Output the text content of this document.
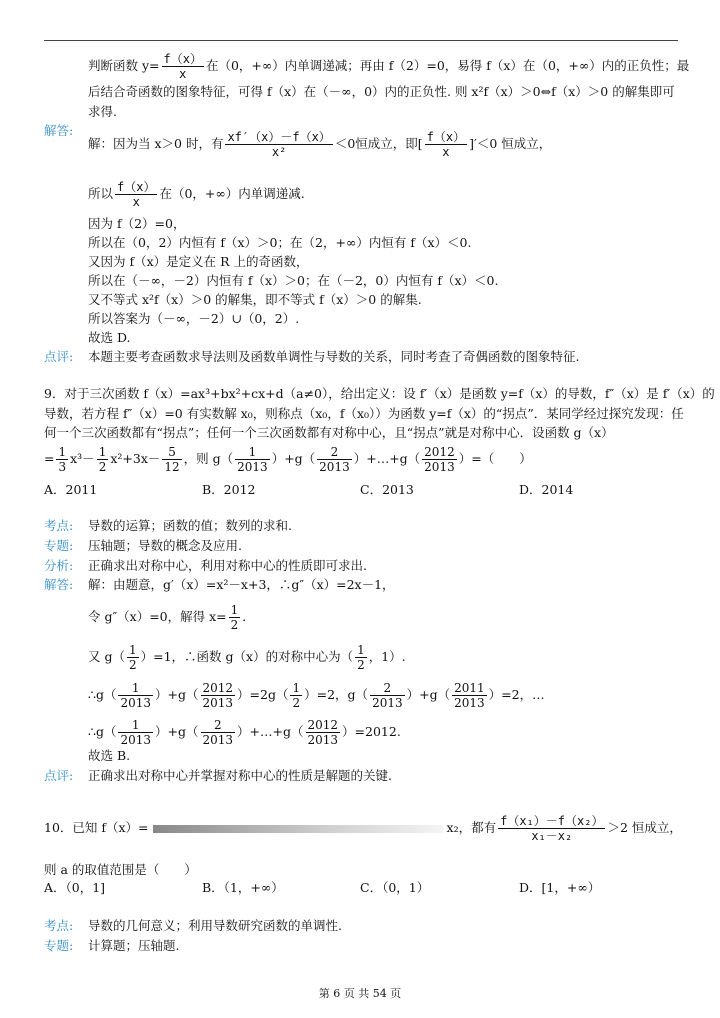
判断函数 $y= \frac{f(x)}{x}$ 在（0，+∞）内单调递减；再由 f（2）=0，易得 f（x）在（0，+∞）内的正负性；最
后结合奇函数的图象特征，可得 f（x）在（－∞，0）内的正负性. 则 x²f（x）＞0⇔f（x）＞0 的解集即可
求得.
解答:
解：因为当 x＞0 时，有 $\frac{xf'(x)-f(x)}{\text{x²}} <0$恒成立，即[ $\frac{f(x)}{x} ]'<0$ 恒成立，
所以 $\frac{f(x)}{x}$ 在（0，+∞）内单调递减.
因为 f（2）=0，
所以在（0，2）内恒有 f（x）＞0；在（2，+∞）内恒有 f（x）＜0.
又因为 f（x）是定义在 R 上的奇函数，
所以在（－∞，－2）内恒有 f（x）＞0；在（－2，0）内恒有 f（x）＜0.
又不等式 x²f（x）＞0 的解集，即不等式 f（x）＞0 的解集.
所以答案为（－∞，－2）∪（0，2）.
故选 D.
点评: 本题主要考查函数求导法则及函数单调性与导数的关系，同时考查了奇偶函数的图象特征.
9．对于三次函数 f（x）=ax³+bx²+cx+d（a≠0），给出定义：设 f′（x）是函数 y=f（x）的导数，f″（x）是 f′（x）的
导数，若方程 f″（x）=0 有实数解 x₀，则称点（x₀，f（x₀））为函数 y=f（x）的“拐点”．某同学经过探究发现：任
何一个三次函数都有“拐点”；任何一个三次函数都有对称中心，且“拐点”就是对称中心．设函数 g（x）
= $\frac{1}{3} x^3- \frac{1}{2} x^2+3x- \frac{5}{12}$ ，则 $g( \frac{1}{2013} )+g( \frac{2}{2013}$ ）+…+g（ $\frac{2012}{2013}$ ）=（　　）
A．2011	B．2012	C．2013	D．2014
考点: 导数的运算；函数的值；数列的求和.
专题: 压轴题；导数的概念及应用.
分析: 正确求出对称中心，利用对称中心的性质即可求出.
解答: 解：由题意，g′（x）=x²－x+3，∴g″（x）=2x－1，
令 g″（x）=0，解得 $x= \frac{1}{2}$ ．
又 $g( \frac{1}{2} )=1$，∴函数 g（x）的对称中心为（ $\frac{1}{2}$ ，1）.
∴g（ $\frac{1}{2013} )+g( \frac{2012}{2013} )=2g( \frac{1}{2} )=2$，$g( \frac{2}{2013} )+g( \frac{2011}{2013} )=2$，…
∴g（ $\frac{1}{2013} )+g( \frac{2}{2013}$ ）+…+g（ $\frac{2012}{2013} )=2012$.
故选 B.
点评: 正确求出对称中心并掌握对称中心的性质是解题的关键.
10．已知 f（x）=	x₂，都有 $\frac{\text{f（x₁）－f（x₂）}}{\text{x₁－x₂}} >2$ 恒成立，
则 a 的取值范围是（　　）
A．（0，1]	B．（1，+∞）	C．（0，1）	D．[1，+∞）
考点: 导数的几何意义；利用导数研究函数的单调性.
专题: 计算题；压轴题.
第 6 页 共 54 页
